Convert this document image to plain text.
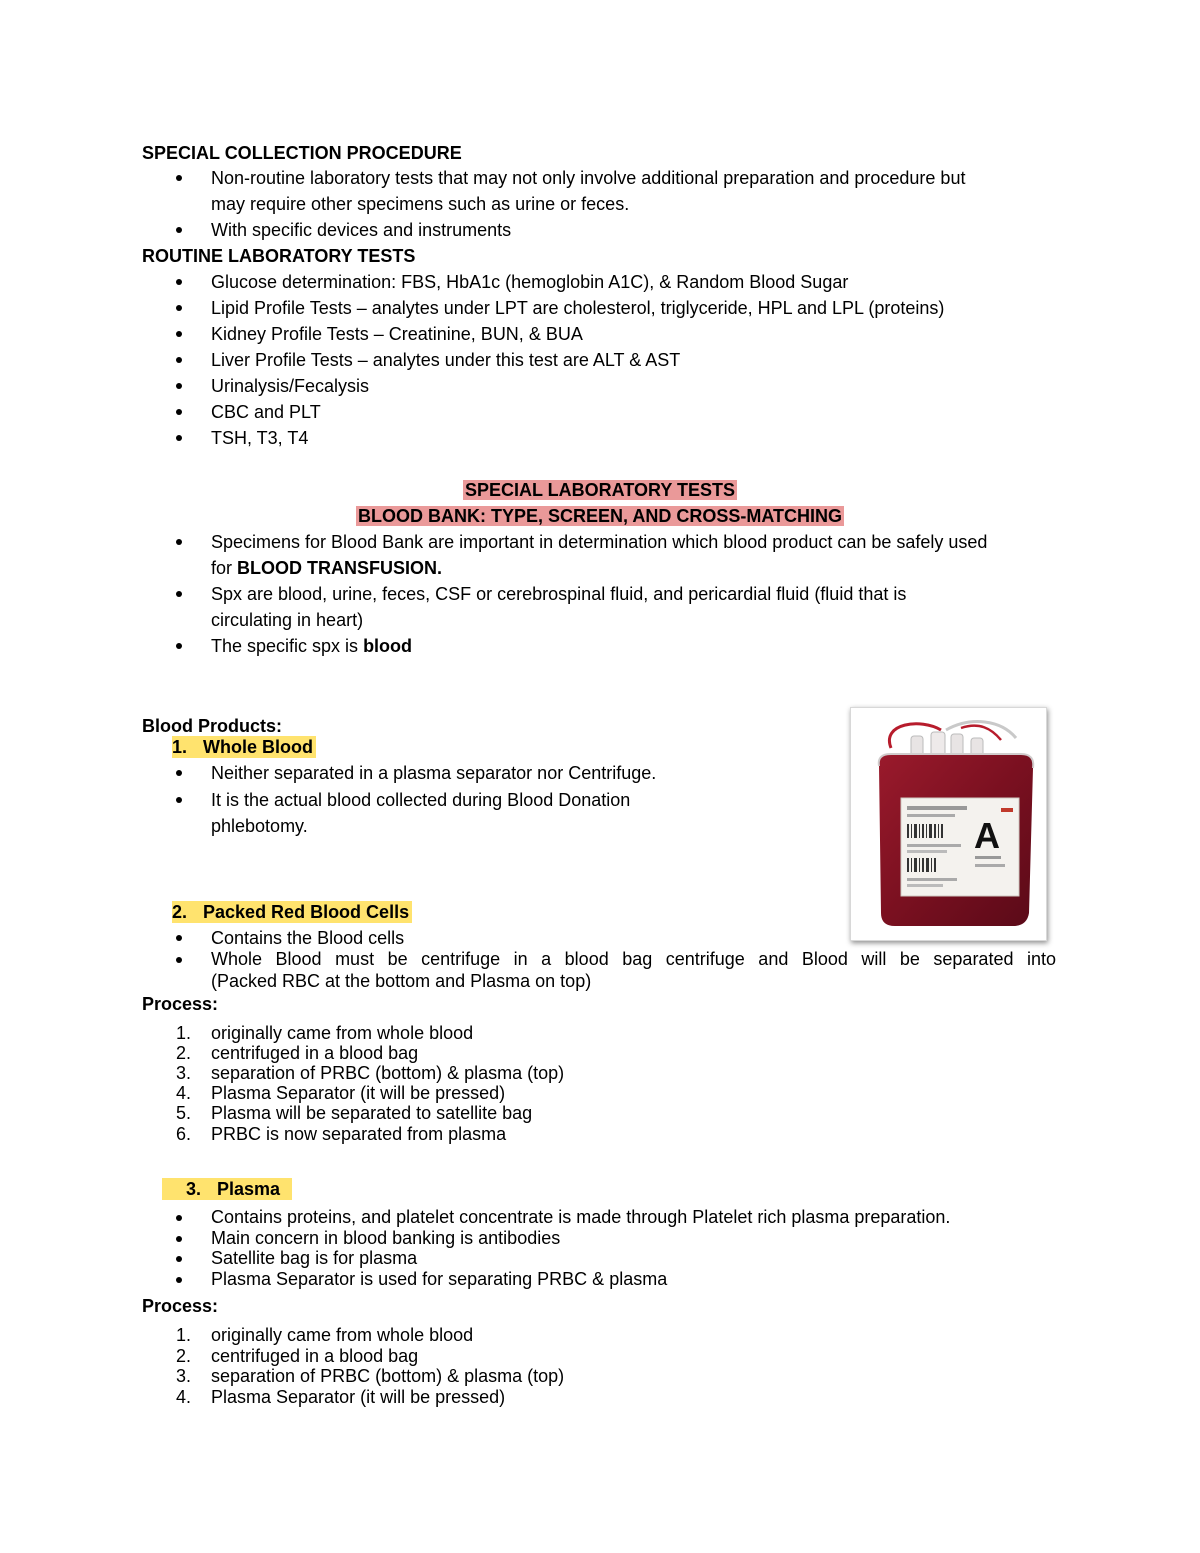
SPECIAL COLLECTION PROCEDURE
Non-routine laboratory tests that may not only involve additional preparation and procedure but
may require other specimens such as urine or feces.
With specific devices and instruments
ROUTINE LABORATORY TESTS
Glucose determination: FBS, HbA1c (hemoglobin A1C), & Random Blood Sugar
Lipid Profile Tests – analytes under LPT are cholesterol, triglyceride, HPL and LPL (proteins)
Kidney Profile Tests – Creatinine, BUN, & BUA
Liver Profile Tests – analytes under this test are ALT & AST
Urinalysis/Fecalysis
CBC and PLT
TSH, T3, T4
SPECIAL LABORATORY TESTS
BLOOD BANK: TYPE, SCREEN, AND CROSS-MATCHING
Specimens for Blood Bank are important in determination which blood product can be safely used
for BLOOD TRANSFUSION.
Spx are blood, urine, feces, CSF or cerebrospinal fluid, and pericardial fluid (fluid that is
circulating in heart)
The specific spx is blood
Blood Products:
1. Whole Blood
Neither separated in a plasma separator nor Centrifuge.
It is the actual blood collected during Blood Donation
phlebotomy.	A
2. Packed Red Blood Cells
Contains the Blood cells
Whole Blood must be centrifuge in a blood bag centrifuge and Blood will be separated into
(Packed RBC at the bottom and Plasma on top)
Process:
1. originally came from whole blood
2. centrifuged in a blood bag
3. separation of PRBC (bottom) & plasma (top)
4. Plasma Separator (it will be pressed)
5. Plasma will be separated to satellite bag
6. PRBC is now separated from plasma
3. Plasma
Contains proteins, and platelet concentrate is made through Platelet rich plasma preparation.
Main concern in blood banking is antibodies
Satellite bag is for plasma
Plasma Separator is used for separating PRBC & plasma
Process:
1. originally came from whole blood
2. centrifuged in a blood bag
3. separation of PRBC (bottom) & plasma (top)
4. Plasma Separator (it will be pressed)
